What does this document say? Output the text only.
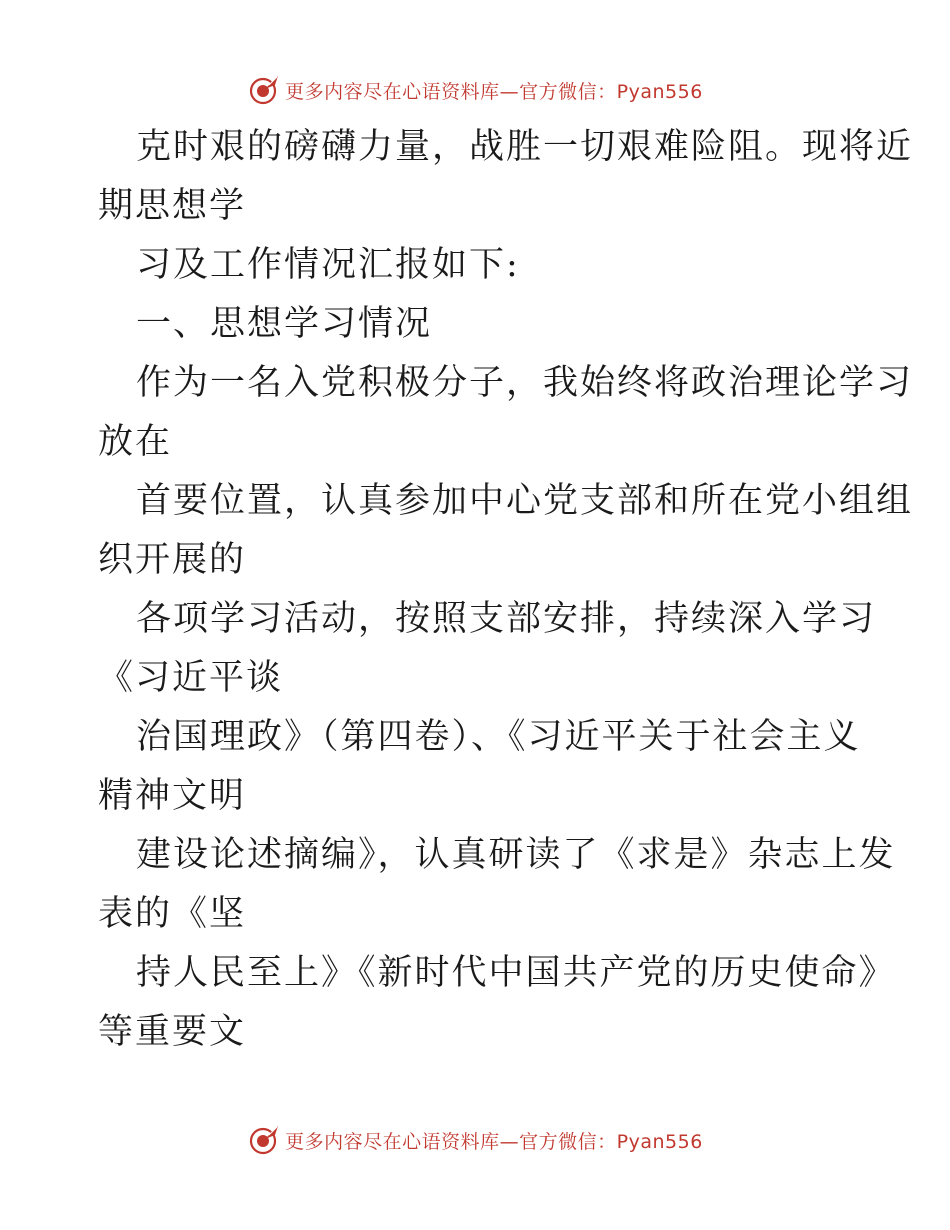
更多内容尽在心语资料库—官方微信：Pyan556
克时艰的磅礴力量，战胜一切艰难险阻。现将近
期思想学
习及工作情况汇报如下:
一、思想学习情况
作为一名入党积极分子，我始终将政治理论学习
放在
首要位置，认真参加中心党支部和所在党小组组
织开展的
各项学习活动，按照支部安排，持续深入学习
《习近平谈
治国理政》（第四卷）、《习近平关于社会主义
精神文明
建设论述摘编》，认真研读了《求是》杂志上发
表的《坚
持人民至上》《新时代中国共产党的历史使命》
等重要文
更多内容尽在心语资料库—官方微信：Pyan556
